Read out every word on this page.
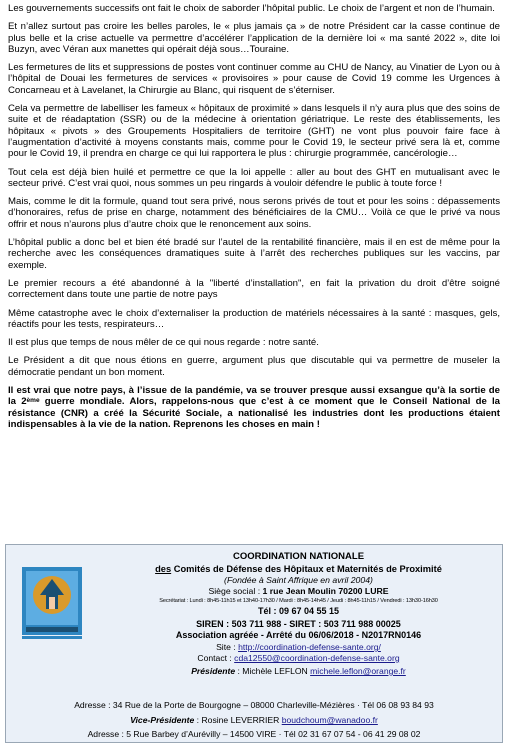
Les gouvernements successifs ont fait le choix de saborder l’hôpital public. Le choix de l’argent et non de l’humain.

Et n’allez surtout pas croire les belles paroles, le « plus jamais ça » de notre Président car la casse continue de plus belle et la crise actuelle va permettre d’accélérer l’application de la dernière loi « ma santé 2022 », dite loi Buzyn, avec Véran aux manettes qui opérait déjà sous…Touraine.

Les fermetures de lits et suppressions de postes vont continuer comme au CHU de Nancy, au Vinatier de Lyon ou à l’hôpital de Douai les fermetures de services « provisoires » pour cause de Covid 19 comme les Urgences à Concarneau et à Lavelanet, la Chirurgie au Blanc, qui risquent de s’éterniser.

Cela va permettre de labelliser les fameux « hôpitaux de proximité » dans lesquels il n’y aura plus que des soins de suite et de réadaptation (SSR) ou de la médecine à orientation gériatrique. Le reste des établissements, les hôpitaux « pivots » des Groupements Hospitaliers de territoire (GHT) ne vont plus pouvoir faire face à l’augmentation d’activité à moyens constants mais, comme pour le Covid 19, le secteur privé sera là et, comme pour le Covid 19, il prendra en charge ce qui lui rapportera le plus : chirurgie programmée, cancérologie…

Tout cela est déjà bien huilé et permettre ce que la loi appelle : aller au bout des GHT en mutualisant avec le secteur privé. C’est vrai quoi, nous sommes un peu ringards à vouloir défendre le public à toute force !

Mais, comme le dit la formule, quand tout sera privé, nous serons privés de tout et pour les soins : dépassements d’honoraires, refus de prise en charge, notamment des bénéficiaires de la CMU… Voilà ce que le privé va nous offrir et nous n’aurons plus d’autre choix que le renoncement aux soins.

L’hôpital public a donc bel et bien été bradé sur l’autel de la rentabilité financière, mais il en est de même pour la recherche avec les conséquences dramatiques suite à l’arrêt des recherches publiques sur les vaccins, par exemple.

Le premier recours a été abandonné à la "liberté d’installation", en fait la privation du droit d’être soigné correctement dans toute une partie de notre pays

Même catastrophe avec le choix d’externaliser la production de matériels nécessaires à la santé : masques, gels, réactifs pour les tests, respirateurs…

Il est plus que temps de nous mêler de ce qui nous regarde : notre santé.

Le Président a dit que nous étions en guerre, argument plus que discutable qui va permettre de museler la démocratie pendant un bon moment.

Il est vrai que notre pays, à l’issue de la pandémie, va se trouver presque aussi exsangue qu’à la sortie de la 2ème guerre mondiale. Alors, rappelons-nous que c’est à ce moment que le Conseil National de la résistance (CNR) a créé la Sécurité Sociale, a nationalisé les industries dont les productions étaient indispensables à la vie de la nation. Reprenons les choses en main !

COORDINATION NATIONALE
des Comités de Défense des Hôpitaux et Maternités de Proximité
(Fondée à Saint Affrique en avril 2004)
Siège social : 1 rue Jean Moulin 70200 LURE
Secrétariat : Lundi : 8h45-11h15 et 13h40-17h30 / Mardi : 8h45-14h45 / Jeudi : 8h45-11h15 / Vendredi : 13h30-16h30
Tél : 09 67 04 55 15
SIREN : 503 711 988 - SIRET : 503 711 988 00025
Association agréée - Arrêté du 06/06/2018 - N2017RN0146
Site : http://coordination-defense-sante.org/
Contact : cda12550@coordination-defense-sante.org
Présidente : Michèle LEFLON michele.leflon@orange.fr
Adresse : 34 Rue de la Porte de Bourgogne – 08000 Charleville-Mézières · Tél 06 08 93 84 93
Vice-Présidente : Rosine LEVERRIER boudchoum@wanadoo.fr
Adresse : 5 Rue Barbey d’Aurévilly – 14500 VIRE · Tél 02 31 67 07 54 - 06 41 29 08 02
